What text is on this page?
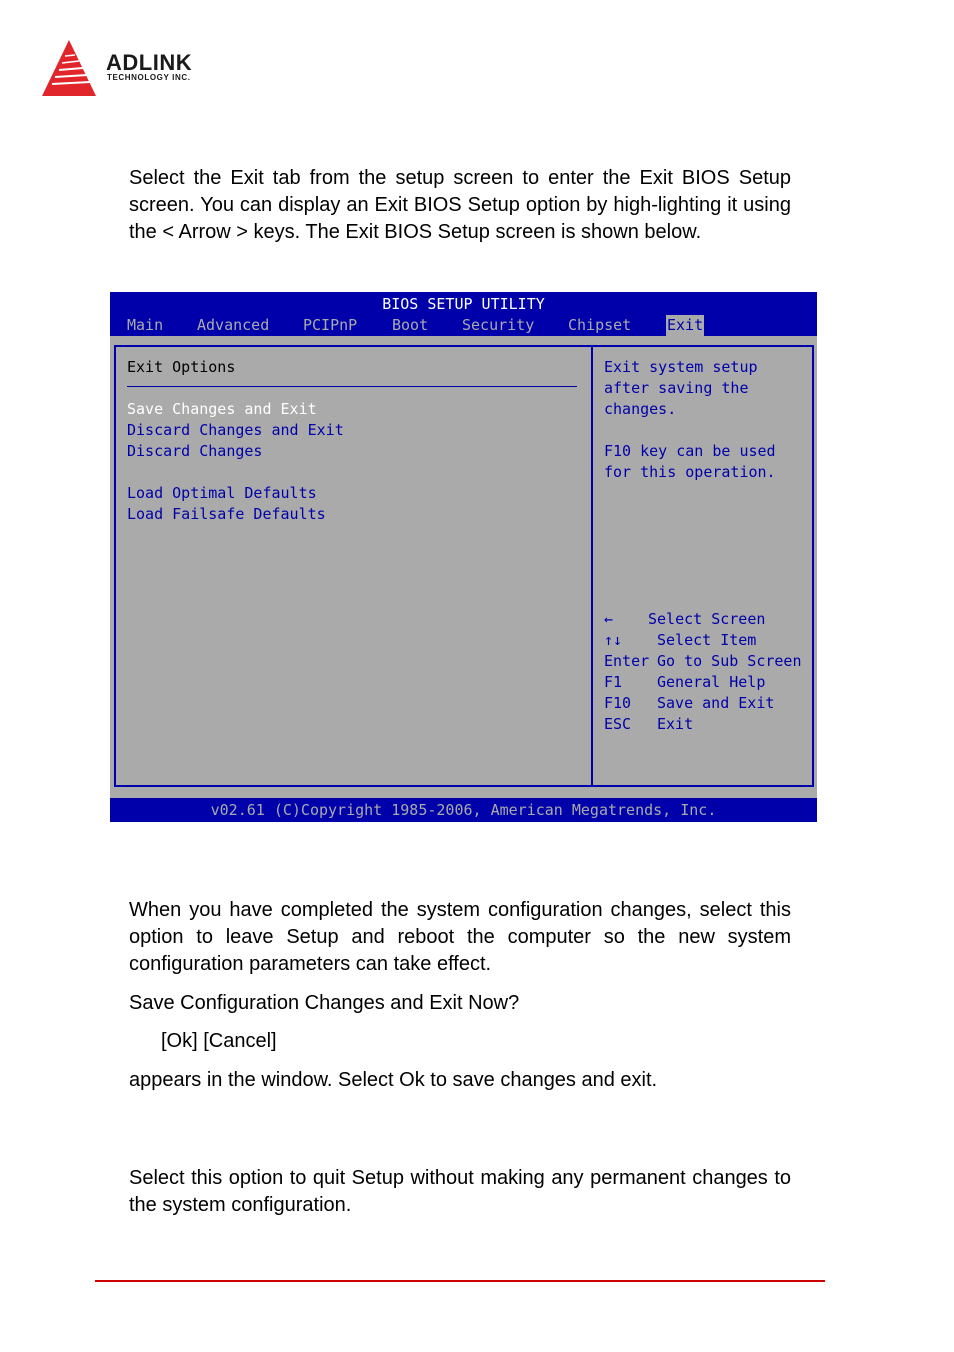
ADLINK
TECHNOLOGY INC.

Select the Exit tab from the setup screen to enter the Exit BIOS Setup screen. You can display an Exit BIOS Setup option by high-lighting it using the < Arrow > keys. The Exit BIOS Setup screen is shown below.

BIOS SETUP UTILITY
Main Advanced PCIPnP Boot Security Chipset Exit
Exit Options
Save Changes and Exit
Discard Changes and Exit
Discard Changes
Load Optimal Defaults
Load Failsafe Defaults
Exit system setup
after saving the
changes.
F10 key can be used
for this operation.
← Select Screen
↑↓ Select Item
Enter Go to Sub Screen
F1 General Help
F10 Save and Exit
ESC Exit
v02.61 (C)Copyright 1985-2006, American Megatrends, Inc.

When you have completed the system configuration changes, select this option to leave Setup and reboot the computer so the new system configuration parameters can take effect.

Save Configuration Changes and Exit Now?

[Ok] [Cancel]

appears in the window. Select Ok to save changes and exit.

Select this option to quit Setup without making any permanent changes to the system configuration.
